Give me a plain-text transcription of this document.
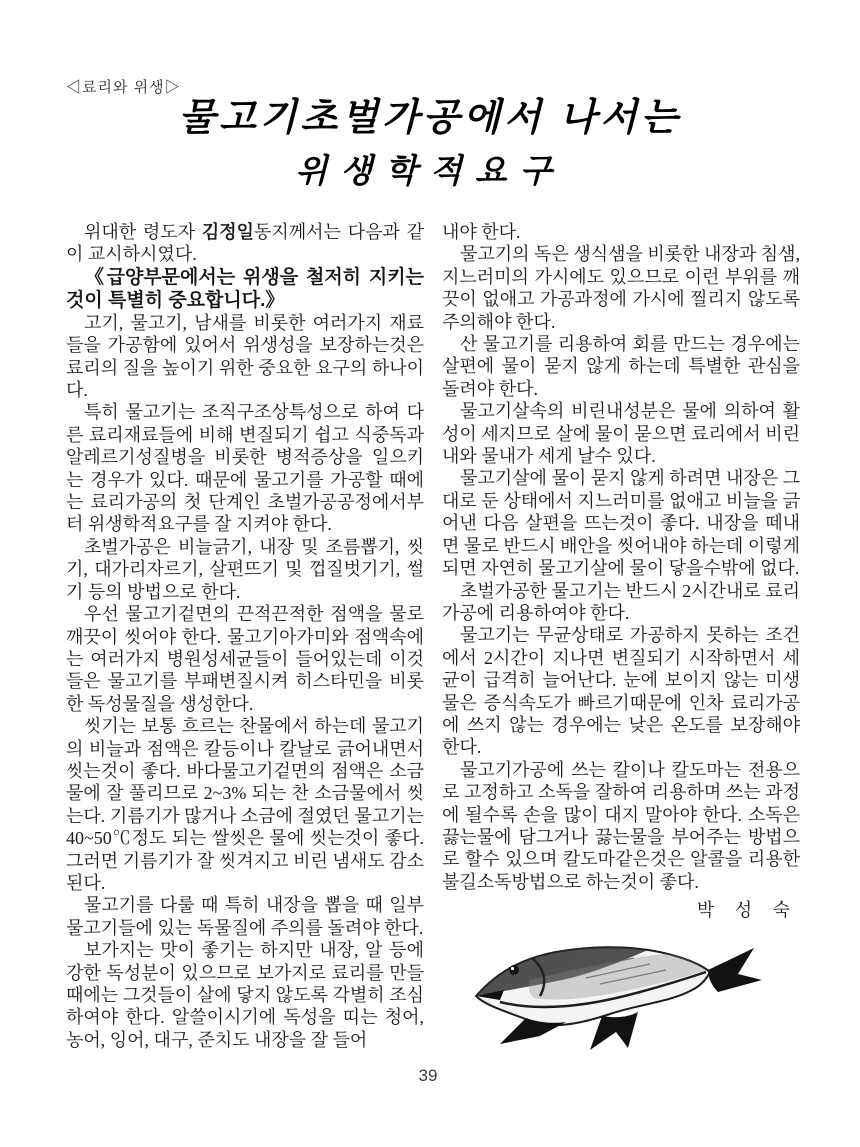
◁료리와 위생▷
물고기초벌가공에서 나서는
위생학적요구

위대한 령도자 김정일동지께서는 다음과 같이 교시하시였다.

《급양부문에서는 위생을 철저히 지키는것이 특별히 중요합니다.》

고기, 물고기, 남새를 비롯한 여러가지 재료들을 가공함에 있어서 위생성을 보장하는것은 료리의 질을 높이기 위한 중요한 요구의 하나이다.

특히 물고기는 조직구조상특성으로 하여 다른 료리재료들에 비해 변질되기 쉽고 식중독과 알레르기성질병을 비롯한 병적증상을 일으키는 경우가 있다. 때문에 물고기를 가공할 때에는 료리가공의 첫 단계인 초벌가공공정에서부터 위생학적요구를 잘 지켜야 한다.

초벌가공은 비늘긁기, 내장 및 조름뽑기, 씻기, 대가리자르기, 살편뜨기 및 껍질벗기기, 썰기 등의 방법으로 한다.

우선 물고기겉면의 끈적끈적한 점액을 물로 깨끗이 씻어야 한다. 물고기아가미와 점액속에는 여러가지 병원성세균들이 들어있는데 이것들은 물고기를 부패변질시켜 히스타민을 비롯한 독성물질을 생성한다.

씻기는 보통 흐르는 찬물에서 하는데 물고기의 비늘과 점액은 칼등이나 칼날로 긁어내면서 씻는것이 좋다. 바다물고기겉면의 점액은 소금물에 잘 풀리므로 2~3% 되는 찬 소금물에서 씻는다. 기름기가 많거나 소금에 절였던 물고기는 40~50℃정도 되는 쌀씻은 물에 씻는것이 좋다. 그러면 기름기가 잘 씻겨지고 비린 냄새도 감소된다.

물고기를 다룰 때 특히 내장을 뽑을 때 일부 물고기들에 있는 독물질에 주의를 돌려야 한다.

보가지는 맛이 좋기는 하지만 내장, 알 등에 강한 독성분이 있으므로 보가지로 료리를 만들 때에는 그것들이 살에 닿지 않도록 각별히 조심하여야 한다. 알쓸이시기에 독성을 띠는 청어, 농어, 잉어, 대구, 준치도 내장을 잘 들어

내야 한다.

물고기의 독은 생식샘을 비롯한 내장과 침샘, 지느러미의 가시에도 있으므로 이런 부위를 깨끗이 없애고 가공과정에 가시에 찔리지 않도록 주의해야 한다.

산 물고기를 리용하여 회를 만드는 경우에는 살편에 물이 묻지 않게 하는데 특별한 관심을 돌려야 한다.

물고기살속의 비린내성분은 물에 의하여 활성이 세지므로 살에 물이 묻으면 료리에서 비린내와 물내가 세게 날수 있다.

물고기살에 물이 묻지 않게 하려면 내장은 그대로 둔 상태에서 지느러미를 없애고 비늘을 긁어낸 다음 살편을 뜨는것이 좋다. 내장을 떼내면 물로 반드시 배안을 씻어내야 하는데 이렇게 되면 자연히 물고기살에 물이 닿을수밖에 없다.

초벌가공한 물고기는 반드시 2시간내로 료리가공에 리용하여야 한다.

물고기는 무균상태로 가공하지 못하는 조건에서 2시간이 지나면 변질되기 시작하면서 세균이 급격히 늘어난다. 눈에 보이지 않는 미생물은 증식속도가 빠르기때문에 인차 료리가공에 쓰지 않는 경우에는 낮은 온도를 보장해야 한다.

물고기가공에 쓰는 칼이나 칼도마는 전용으로 고정하고 소독을 잘하여 리용하며 쓰는 과정에 될수록 손을 많이 대지 말아야 한다. 소독은 끓는물에 담그거나 끓는물을 부어주는 방법으로 할수 있으며 칼도마같은것은 알콜을 리용한 불길소독방법으로 하는것이 좋다.

박 성 숙

39
